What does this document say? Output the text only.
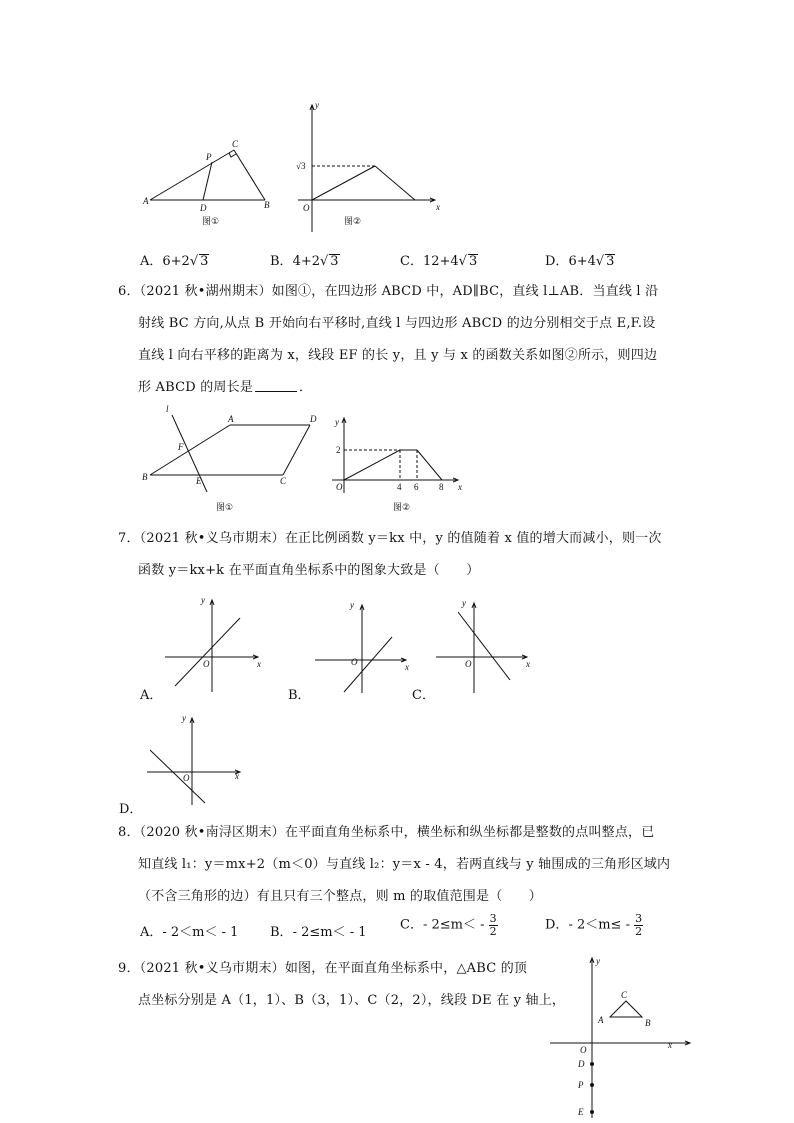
A	B
C
P
D
图①
y
x
O
√3
图②
A．6+2√ 3	B．4+2√ 3	C．12+4√ 3	D．6+4√ 3
6．（2021 秋•湖州期末）如图①，在四边形 ABCD 中，AD∥BC，直线 l⊥AB．当直线 l 沿
射线 BC 方向,从点 B 开始向右平移时,直线 l 与四边形 ABCD 的边分别相交于点 E,F.设
直线 l 向右平移的距离为 x，线段 EF 的长 y，且 y 与 x 的函数关系如图②所示，则四边
形 ABCD 的周长是	．
l
A	D
F
B	E	C
图①
y
x
O
2
4 6 8
图②
7．（2021 秋•义乌市期末）在正比例函数 y＝kx 中，y 的值随着 x 值的增大而减小，则一次
函数 y＝kx+k 在平面直角坐标系中的图象大致是（　　）
y
x
O
A．
y
x
O
B．
y
x
O
C．
y
x
O
D．
8．（2020 秋•南浔区期末）在平面直角坐标系中，横坐标和纵坐标都是整数的点叫整点，已
知直线 l₁：y＝mx+2（m＜0）与直线 l₂：y＝x - 4，若两直线与 y 轴围成的三角形区域内
（不含三角形的边）有且只有三个整点，则 m 的取值范围是（　　）
A．- 2＜m＜ - 1 B．- 2≤m＜ - 1	C．- $2\le m< - \frac{3}{2}$	D．- $2<m\le - \frac{3}{2}$
9．（2021 秋•义乌市期末）如图，在平面直角坐标系中，△ABC 的顶
点坐标分别是 A（1，1）、B（3，1）、C（2，2），线段 DE 在 y 轴上，
y
x
C
A	B
O
D
P
E
